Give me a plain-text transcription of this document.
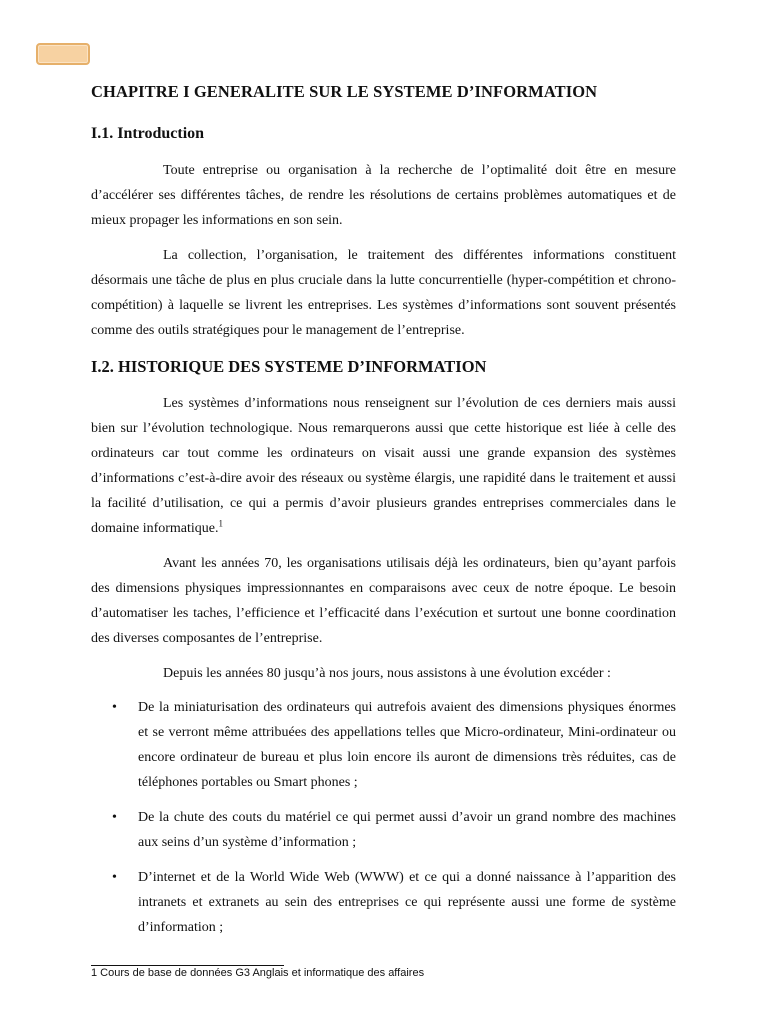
CHAPITRE I GENERALITE SUR LE SYSTEME D’INFORMATION
I.1. Introduction

Toute entreprise ou organisation à la recherche de l’optimalité doit être en mesure d’accélérer ses différentes tâches, de rendre les résolutions de certains problèmes automatiques et de mieux propager les informations en son sein.

La collection, l’organisation, le traitement des différentes informations constituent désormais une tâche de plus en plus cruciale dans la lutte concurrentielle (hyper-compétition et chrono-compétition) à laquelle se livrent les entreprises. Les systèmes d’informations sont souvent présentés comme des outils stratégiques pour le management de l’entreprise.

I.2. HISTORIQUE DES SYSTEME D’INFORMATION

Les systèmes d’informations nous renseignent sur l’évolution de ces derniers mais aussi bien sur l’évolution technologique. Nous remarquerons aussi que cette historique est liée à celle des ordinateurs car tout comme les ordinateurs on visait aussi une grande expansion des systèmes d’informations c’est-à-dire avoir des réseaux ou système élargis, une rapidité dans le traitement et aussi la facilité d’utilisation, ce qui a permis d’avoir plusieurs grandes entreprises commerciales dans le domaine informatique.$^1$

Avant les années 70, les organisations utilisais déjà les ordinateurs, bien qu’ayant parfois des dimensions physiques impressionnantes en comparaisons avec ceux de notre époque. Le besoin d’automatiser les taches, l’efficience et l’efficacité dans l’exécution et surtout une bonne coordination des diverses composantes de l’entreprise.

Depuis les années 80 jusqu’à nos jours, nous assistons à une évolution excéder :

• De la miniaturisation des ordinateurs qui autrefois avaient des dimensions physiques énormes et se verront même attribuées des appellations telles que Micro-ordinateur, Mini-ordinateur ou encore ordinateur de bureau et plus loin encore ils auront de dimensions très réduites, cas de téléphones portables ou Smart phones ;
• De la chute des couts du matériel ce qui permet aussi d’avoir un grand nombre des machines aux seins d’un système d’information ;
• D’internet et de la World Wide Web (WWW) et ce qui a donné naissance à l’apparition des intranets et extranets au sein des entreprises ce qui représente aussi une forme de système d’information ;
1 Cours de base de données G3 Anglais et informatique des affaires
